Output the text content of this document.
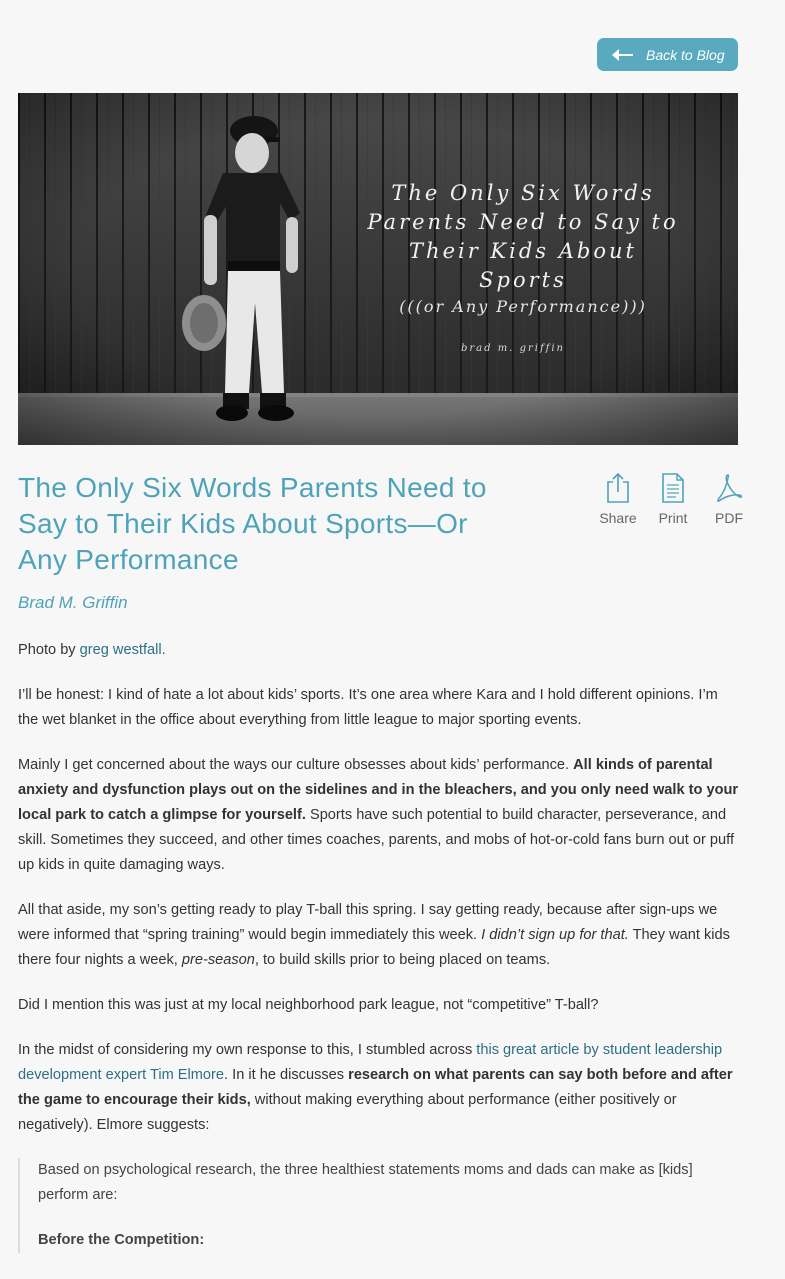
Back to Blog
The Only Six Words
Parents Need to Say to
Their Kids About
Sports
(((or Any Performance)))
brad m. griffin
The Only Six Words Parents Need to Say to Their Kids About Sports—Or Any Performance
Share	Print	PDF
Brad M. Griffin

Photo by greg westfall.

I’ll be honest: I kind of hate a lot about kids’ sports. It’s one area where Kara and I hold different opinions. I’m the wet blanket in the office about everything from little league to major sporting events.

Mainly I get concerned about the ways our culture obsesses about kids’ performance. All kinds of parental anxiety and dysfunction plays out on the sidelines and in the bleachers, and you only need walk to your local park to catch a glimpse for yourself. Sports have such potential to build character, perseverance, and skill. Sometimes they succeed, and other times coaches, parents, and mobs of hot-or-cold fans burn out or puff up kids in quite damaging ways.

All that aside, my son’s getting ready to play T-ball this spring. I say getting ready, because after sign-ups we were informed that “spring training” would begin immediately this week. I didn’t sign up for that. They want kids there four nights a week, pre-season, to build skills prior to being placed on teams.

Did I mention this was just at my local neighborhood park league, not “competitive” T-ball?

In the midst of considering my own response to this, I stumbled across this great article by student leadership development expert Tim Elmore. In it he discusses research on what parents can say both before and after the game to encourage their kids, without making everything about performance (either positively or negatively). Elmore suggests:

Based on psychological research, the three healthiest statements moms and dads can make as [kids] perform are:

Before the Competition:
